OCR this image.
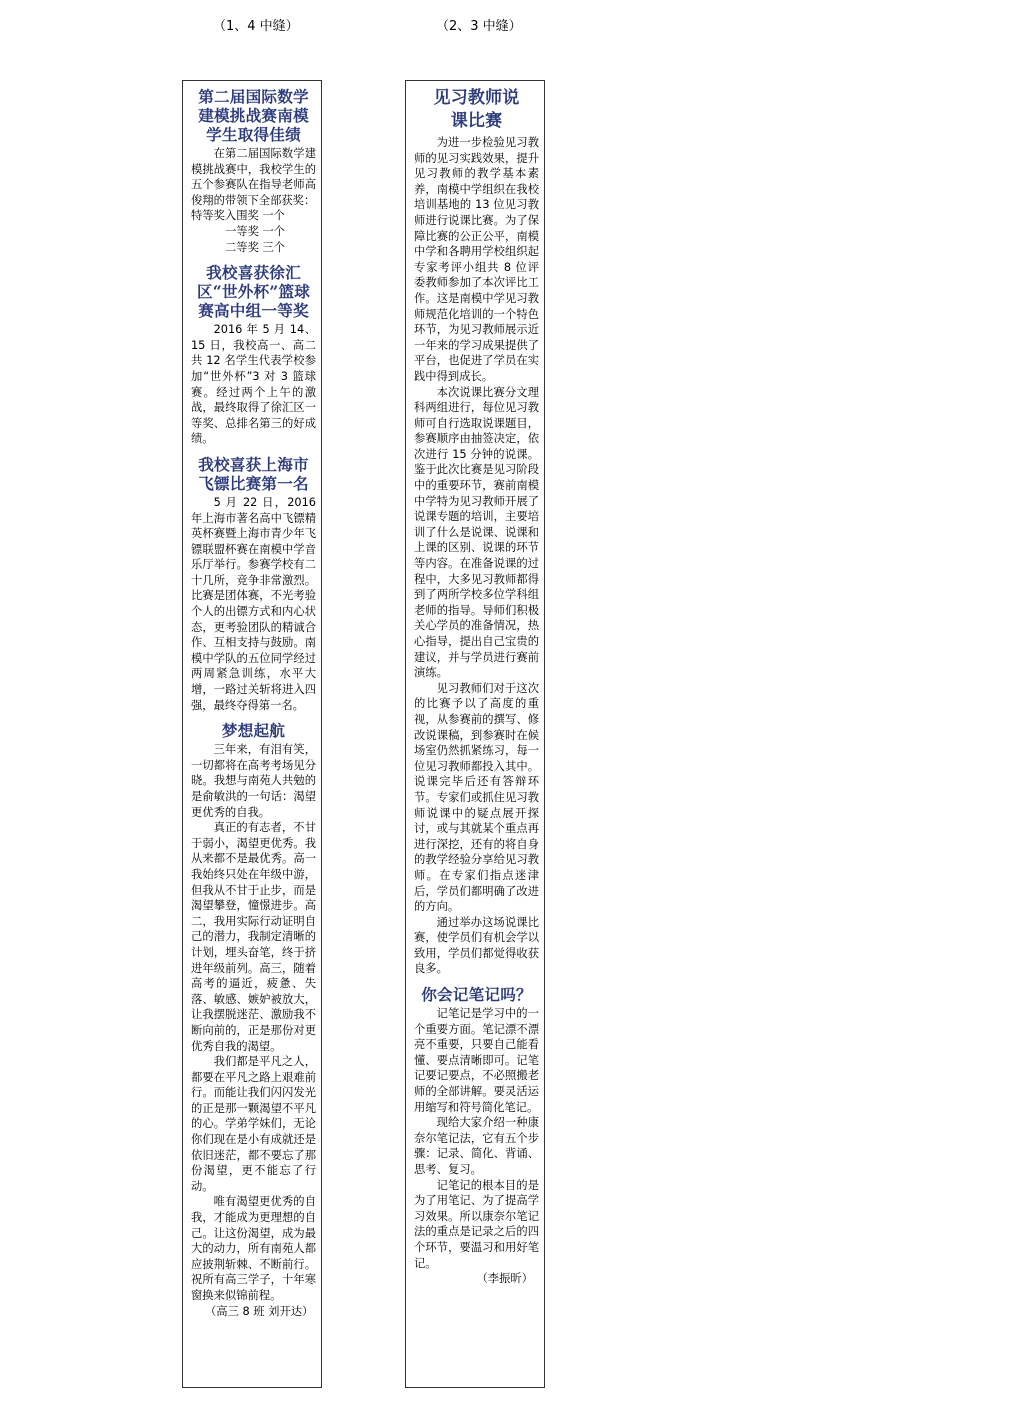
（1、4 中缝）	（2、3 中缝）
第二届国际数学建模挑战赛南模学生取得佳绩

在第二届国际数学建模挑战赛中，我校学生的五个参赛队在指导老师高俊翔的带领下全部获奖：

特等奖入围奖 一个

一等奖 一个

二等奖 三个

我校喜获徐汇区“世外杯”篮球赛高中组一等奖

2016 年 5 月 14、15 日，我校高一、高二共 12 名学生代表学校参加“世外杯”3 对 3 篮球赛。经过两个上午的激战，最终取得了徐汇区一等奖、总排名第三的好成绩。

我校喜获上海市飞镖比赛第一名

5 月 22 日，2016 年上海市著名高中飞镖精英杯赛暨上海市青少年飞镖联盟杯赛在南模中学音乐厅举行。参赛学校有二十几所，竞争非常激烈。比赛是团体赛，不光考验个人的出镖方式和内心状态，更考验团队的精诚合作、互相支持与鼓励。南模中学队的五位同学经过两周紧急训练，水平大增，一路过关斩将进入四强，最终夺得第一名。

梦想起航

三年来，有泪有笑，一切都将在高考考场见分晓。我想与南苑人共勉的是俞敏洪的一句话：渴望更优秀的自我。

真正的有志者，不甘于弱小，渴望更优秀。我从来都不是最优秀。高一我始终只处在年级中游，但我从不甘于止步，而是渴望攀登，憧憬进步。高二，我用实际行动证明自己的潜力，我制定清晰的计划，埋头奋笔，终于挤进年级前列。高三，随着高考的逼近，疲惫、失落、敏感、嫉妒被放大，让我摆脱迷茫、激励我不断向前的，正是那份对更优秀自我的渴望。

我们都是平凡之人，都要在平凡之路上艰难前行。而能让我们闪闪发光的正是那一颗渴望不平凡的心。学弟学妹们，无论你们现在是小有成就还是依旧迷茫，都不要忘了那份渴望，更不能忘了行动。

唯有渴望更优秀的自我，才能成为更理想的自己。让这份渴望，成为最大的动力，所有南苑人都应披荆斩棘、不断前行。祝所有高三学子，十年寒窗换来似锦前程。

（高三 8 班 刘开达）

见习教师说课比赛

为进一步检验见习教师的见习实践效果，提升见习教师的教学基本素养，南模中学组织在我校培训基地的 13 位见习教师进行说课比赛。为了保障比赛的公正公平，南模中学和各聘用学校组织起专家考评小组共 8 位评委教师参加了本次评比工作。这是南模中学见习教师规范化培训的一个特色环节，为见习教师展示近一年来的学习成果提供了平台，也促进了学员在实践中得到成长。

本次说课比赛分文理科两组进行，每位见习教师可自行选取说课题目，参赛顺序由抽签决定，依次进行 15 分钟的说课。鉴于此次比赛是见习阶段中的重要环节，赛前南模中学特为见习教师开展了说课专题的培训，主要培训了什么是说课、说课和上课的区别、说课的环节等内容。在准备说课的过程中，大多见习教师都得到了两所学校多位学科组老师的指导。导师们积极关心学员的准备情况，热心指导，提出自己宝贵的建议，并与学员进行赛前演练。

见习教师们对于这次的比赛予以了高度的重视，从参赛前的撰写、修改说课稿，到参赛时在候场室仍然抓紧练习，每一位见习教师都投入其中。说课完毕后还有答辩环节。专家们或抓住见习教师说课中的疑点展开探讨，或与其就某个重点再进行深挖，还有的将自身的教学经验分享给见习教师。在专家们指点迷津后，学员们都明确了改进的方向。

通过举办这场说课比赛，使学员们有机会学以致用，学员们都觉得收获良多。

你会记笔记吗？

记笔记是学习中的一个重要方面。笔记漂不漂亮不重要，只要自己能看懂、要点清晰即可。记笔记要记要点，不必照搬老师的全部讲解。要灵活运用缩写和符号简化笔记。

现给大家介绍一种康奈尔笔记法，它有五个步骤：记录、简化、背诵、思考、复习。

记笔记的根本目的是为了用笔记、为了提高学习效果。所以康奈尔笔记法的重点是记录之后的四个环节，要温习和用好笔记。

（李振昕）
